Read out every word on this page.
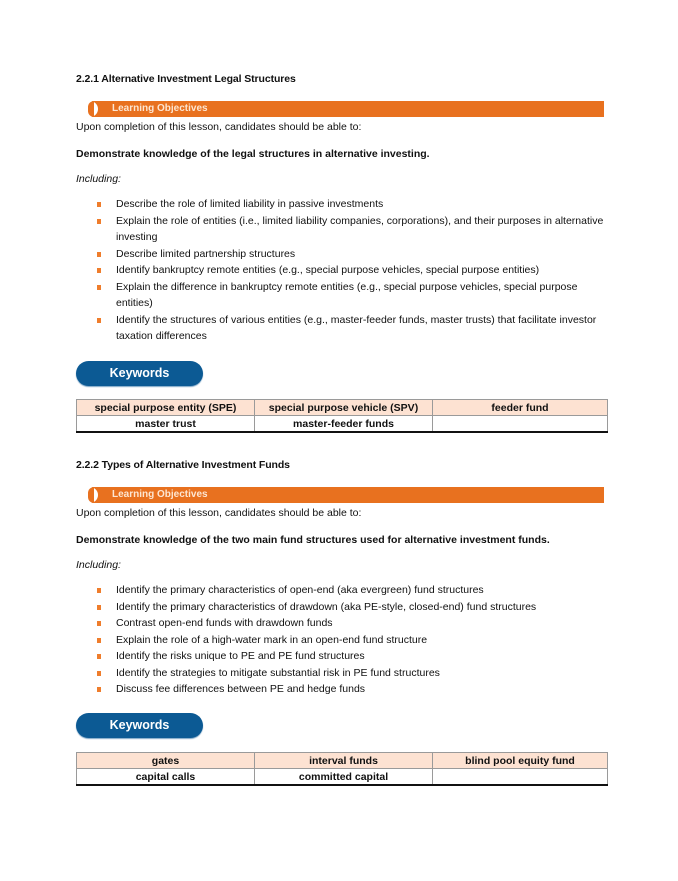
2.2.1 Alternative Investment Legal Structures
Learning Objectives
Upon completion of this lesson, candidates should be able to:
Demonstrate knowledge of the legal structures in alternative investing.
Including:
Describe the role of limited liability in passive investments
Explain the role of entities (i.e., limited liability companies, corporations), and their purposes in alternative investing
Describe limited partnership structures
Identify bankruptcy remote entities (e.g., special purpose vehicles, special purpose entities)
Explain the difference in bankruptcy remote entities (e.g., special purpose vehicles, special purpose entities)
Identify the structures of various entities (e.g., master-feeder funds, master trusts) that facilitate investor taxation differences
Keywords
special purpose entity (SPE)	special purpose vehicle (SPV)	feeder fund
master trust	master-feeder funds	
2.2.2 Types of Alternative Investment Funds
Learning Objectives
Upon completion of this lesson, candidates should be able to:
Demonstrate knowledge of the two main fund structures used for alternative investment funds.
Including:
Identify the primary characteristics of open-end (aka evergreen) fund structures
Identify the primary characteristics of drawdown (aka PE-style, closed-end) fund structures
Contrast open-end funds with drawdown funds
Explain the role of a high-water mark in an open-end fund structure
Identify the risks unique to PE and PE fund structures
Identify the strategies to mitigate substantial risk in PE fund structures
Discuss fee differences between PE and hedge funds
Keywords
gates	interval funds	blind pool equity fund
capital calls	committed capital	
